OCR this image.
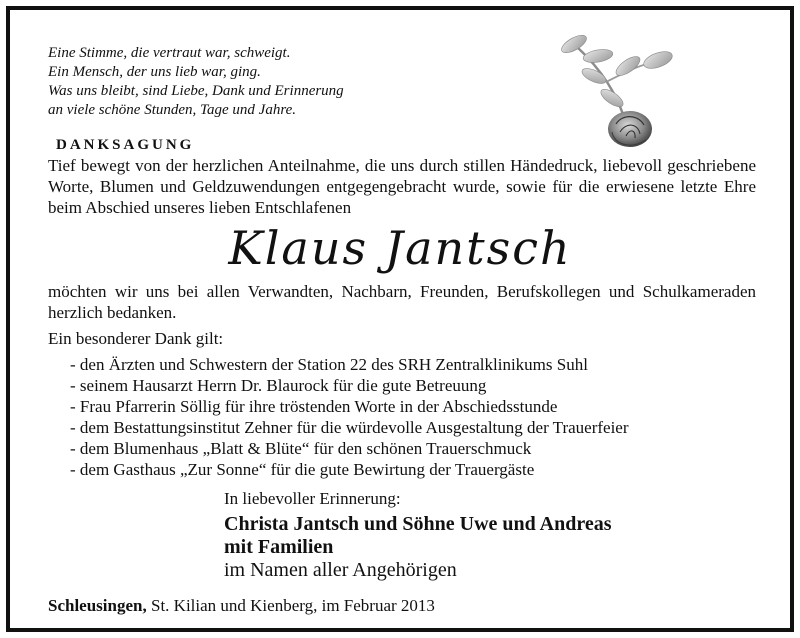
Eine Stimme, die vertraut war, schweigt.
Ein Mensch, der uns lieb war, ging.
Was uns bleibt, sind Liebe, Dank und Erinnerung
an viele schöne Stunden, Tage und Jahre.
DANKSAGUNG
Tief bewegt von der herzlichen Anteilnahme, die uns durch stillen Händedruck, liebevoll geschriebene Worte, Blumen und Geldzuwendungen entgegengebracht wurde, sowie für die erwiesene letzte Ehre beim Abschied unseres lieben Entschlafenen
Klaus Jantsch
möchten wir uns bei allen Verwandten, Nachbarn, Freunden, Berufskollegen und Schulkameraden herzlich bedanken.
Ein besonderer Dank gilt:
- den Ärzten und Schwestern der Station 22 des SRH Zentralklinikums Suhl
- seinem Hausarzt Herrn Dr. Blaurock für die gute Betreuung
- Frau Pfarrerin Söllig für ihre tröstenden Worte in der Abschiedsstunde
- dem Bestattungsinstitut Zehner für die würdevolle Ausgestaltung der Trauerfeier
- dem Blumenhaus „Blatt & Blüte“ für den schönen Trauerschmuck
- dem Gasthaus „Zur Sonne“ für die gute Bewirtung der Trauergäste
In liebevoller Erinnerung:
Christa Jantsch und Söhne Uwe und Andreas
mit Familien
im Namen aller Angehörigen
Schleusingen, St. Kilian und Kienberg, im Februar 2013
